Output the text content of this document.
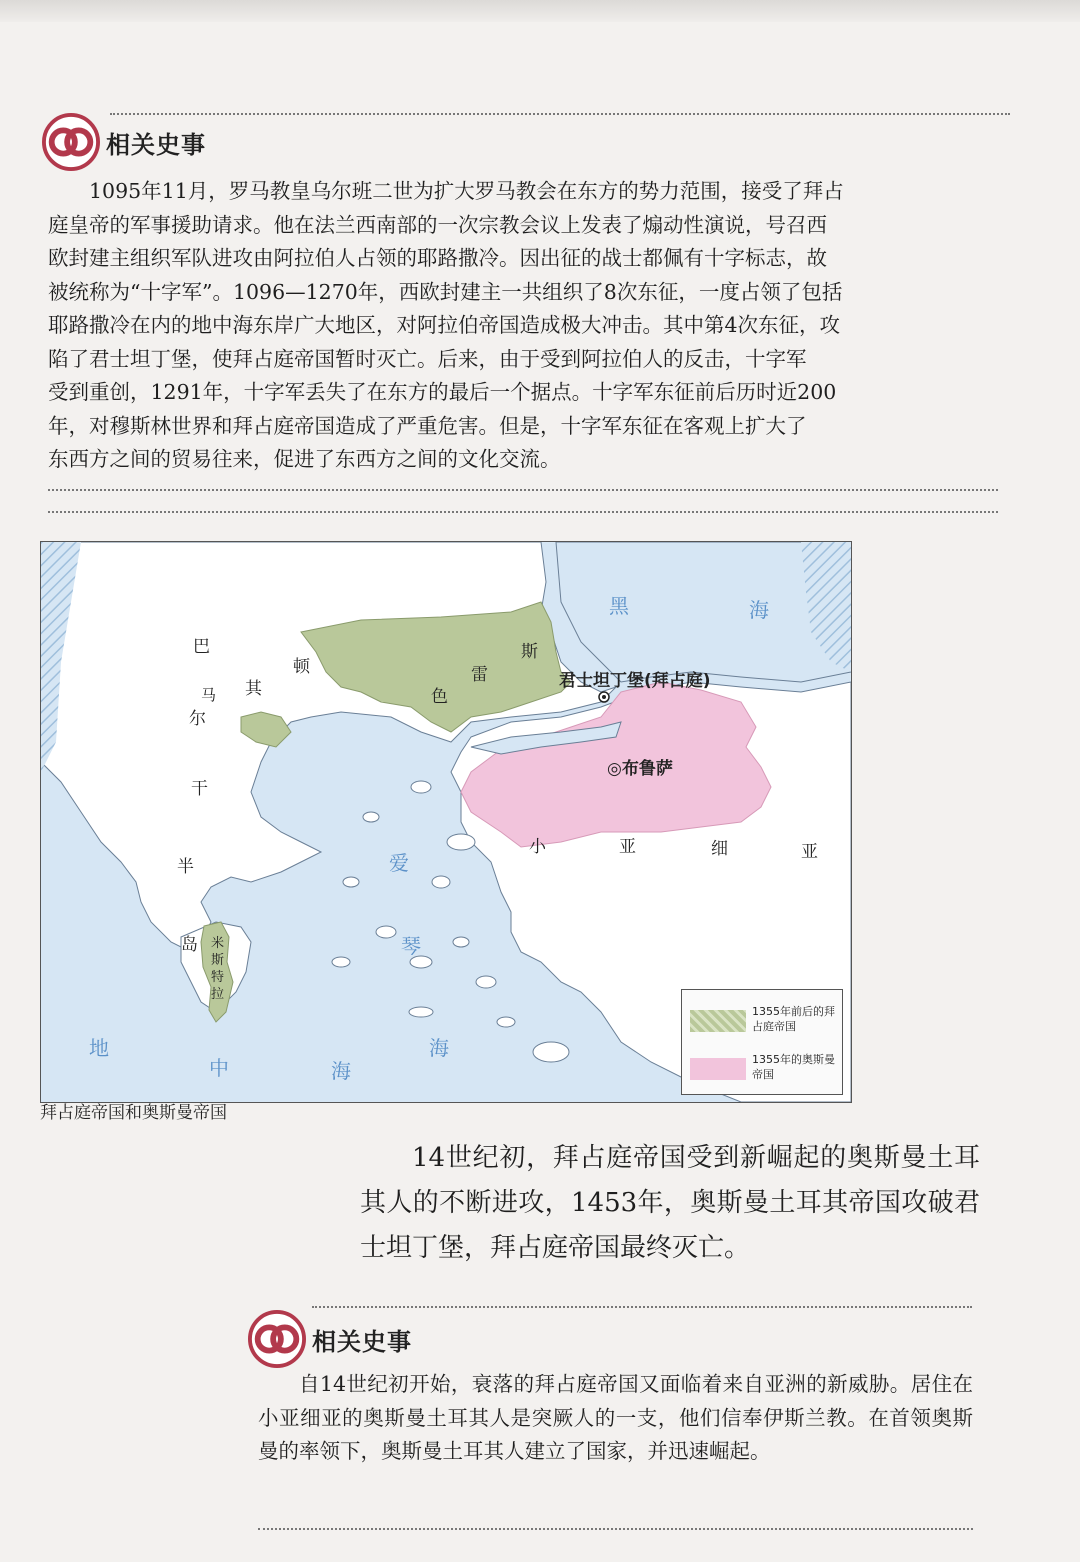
相关史事
1095年11月，罗马教皇乌尔班二世为扩大罗马教会在东方的势力范围，接受了拜占
庭皇帝的军事援助请求。他在法兰西南部的一次宗教会议上发表了煽动性演说，号召西
欧封建主组织军队进攻由阿拉伯人占领的耶路撒冷。因出征的战士都佩有十字标志，故
被统称为“十字军”。1096—1270年，西欧封建主一共组织了8次东征，一度占领了包括
耶路撒冷在内的地中海东岸广大地区，对阿拉伯帝国造成极大冲击。其中第4次东征，攻
陷了君士坦丁堡，使拜占庭帝国暂时灭亡。后来，由于受到阿拉伯人的反击，十字军
受到重创，1291年，十字军丢失了在东方的最后一个据点。十字军东征前后历时近200
年，对穆斯林世界和拜占庭帝国造成了严重危害。但是，十字军东征在客观上扩大了
东西方之间的贸易往来，促进了东西方之间的文化交流。
黑	海
爱
琴
海
地
中	海
巴
尔
干
半
岛
马 其
顿
色
雷
斯
君士坦丁堡(拜占庭)
◎布鲁萨
小	亚	细	亚
米
斯
特
拉
1355年前后的拜占庭帝国
1355年的奥斯曼帝国
拜占庭帝国和奥斯曼帝国

14世纪初，拜占庭帝国受到新崛起的奥斯曼土耳其人的不断进攻，1453年，奥斯曼土耳其帝国攻破君士坦丁堡，拜占庭帝国最终灭亡。

相关史事

自14世纪初开始，衰落的拜占庭帝国又面临着来自亚洲的新威胁。居住在小亚细亚的奥斯曼土耳其人是突厥人的一支，他们信奉伊斯兰教。在首领奥斯曼的率领下，奥斯曼土耳其人建立了国家，并迅速崛起。
